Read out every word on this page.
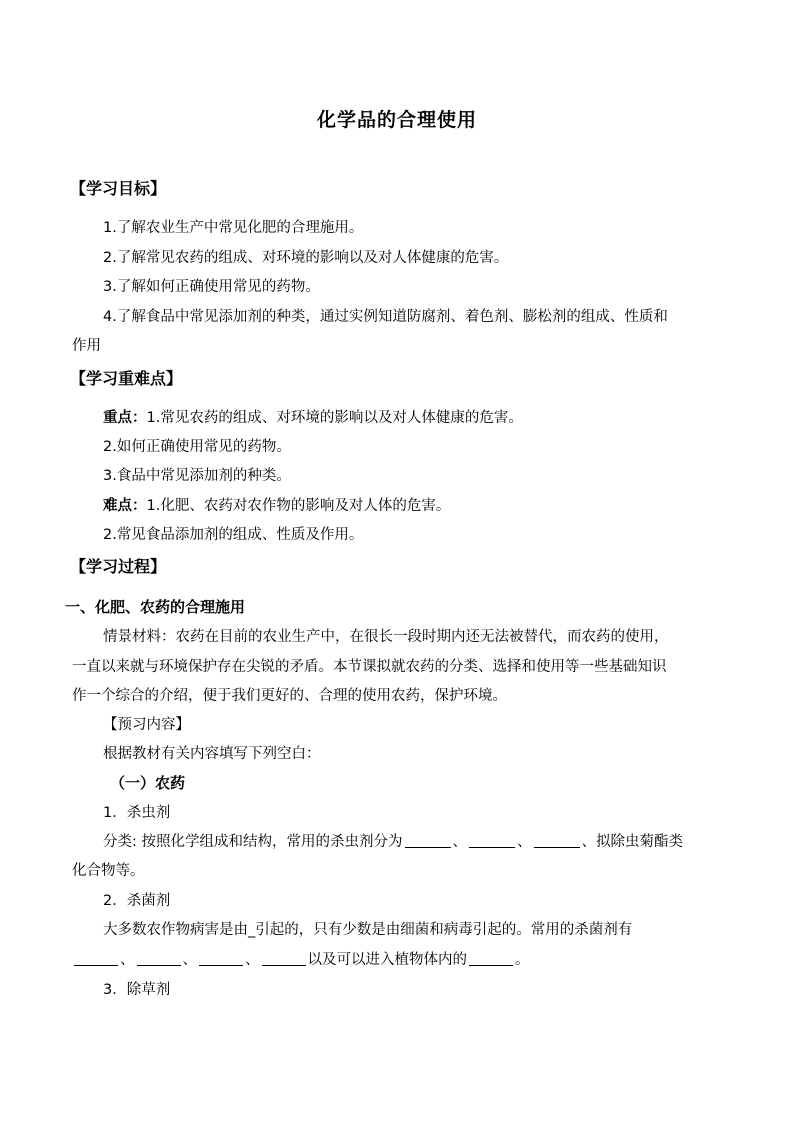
化学品的合理使用
【学习目标】
1.了解农业生产中常见化肥的合理施用。
2.了解常见农药的组成、对环境的影响以及对人体健康的危害。
3.了解如何正确使用常见的药物。
4.了解食品中常见添加剂的种类，通过实例知道防腐剂、着色剂、膨松剂的组成、性质和
作用
【学习重难点】
重点：1.常见农药的组成、对环境的影响以及对人体健康的危害。
2.如何正确使用常见的药物。
3.食品中常见添加剂的种类。
难点：1.化肥、农药对农作物的影响及对人体的危害。
2.常见食品添加剂的组成、性质及作用。
【学习过程】
一、化肥、农药的合理施用
情景材料：农药在目前的农业生产中，在很长一段时期内还无法被替代，而农药的使用，
一直以来就与环境保护存在尖锐的矛盾。本节课拟就农药的分类、选择和使用等一些基础知识
作一个综合的介绍，便于我们更好的、合理的使用农药，保护环境。
【预习内容】
根据教材有关内容填写下列空白：
（一）农药
1．杀虫剂
分类: 按照化学组成和结构，常用的杀虫剂分为	、	、	、拟除虫菊酯类
化合物等。
2．杀菌剂
大多数农作物病害是由_引起的，只有少数是由细菌和病毒引起的。常用的杀菌剂有
、	、	、	以及可以进入植物体内的	。
3．除草剂
